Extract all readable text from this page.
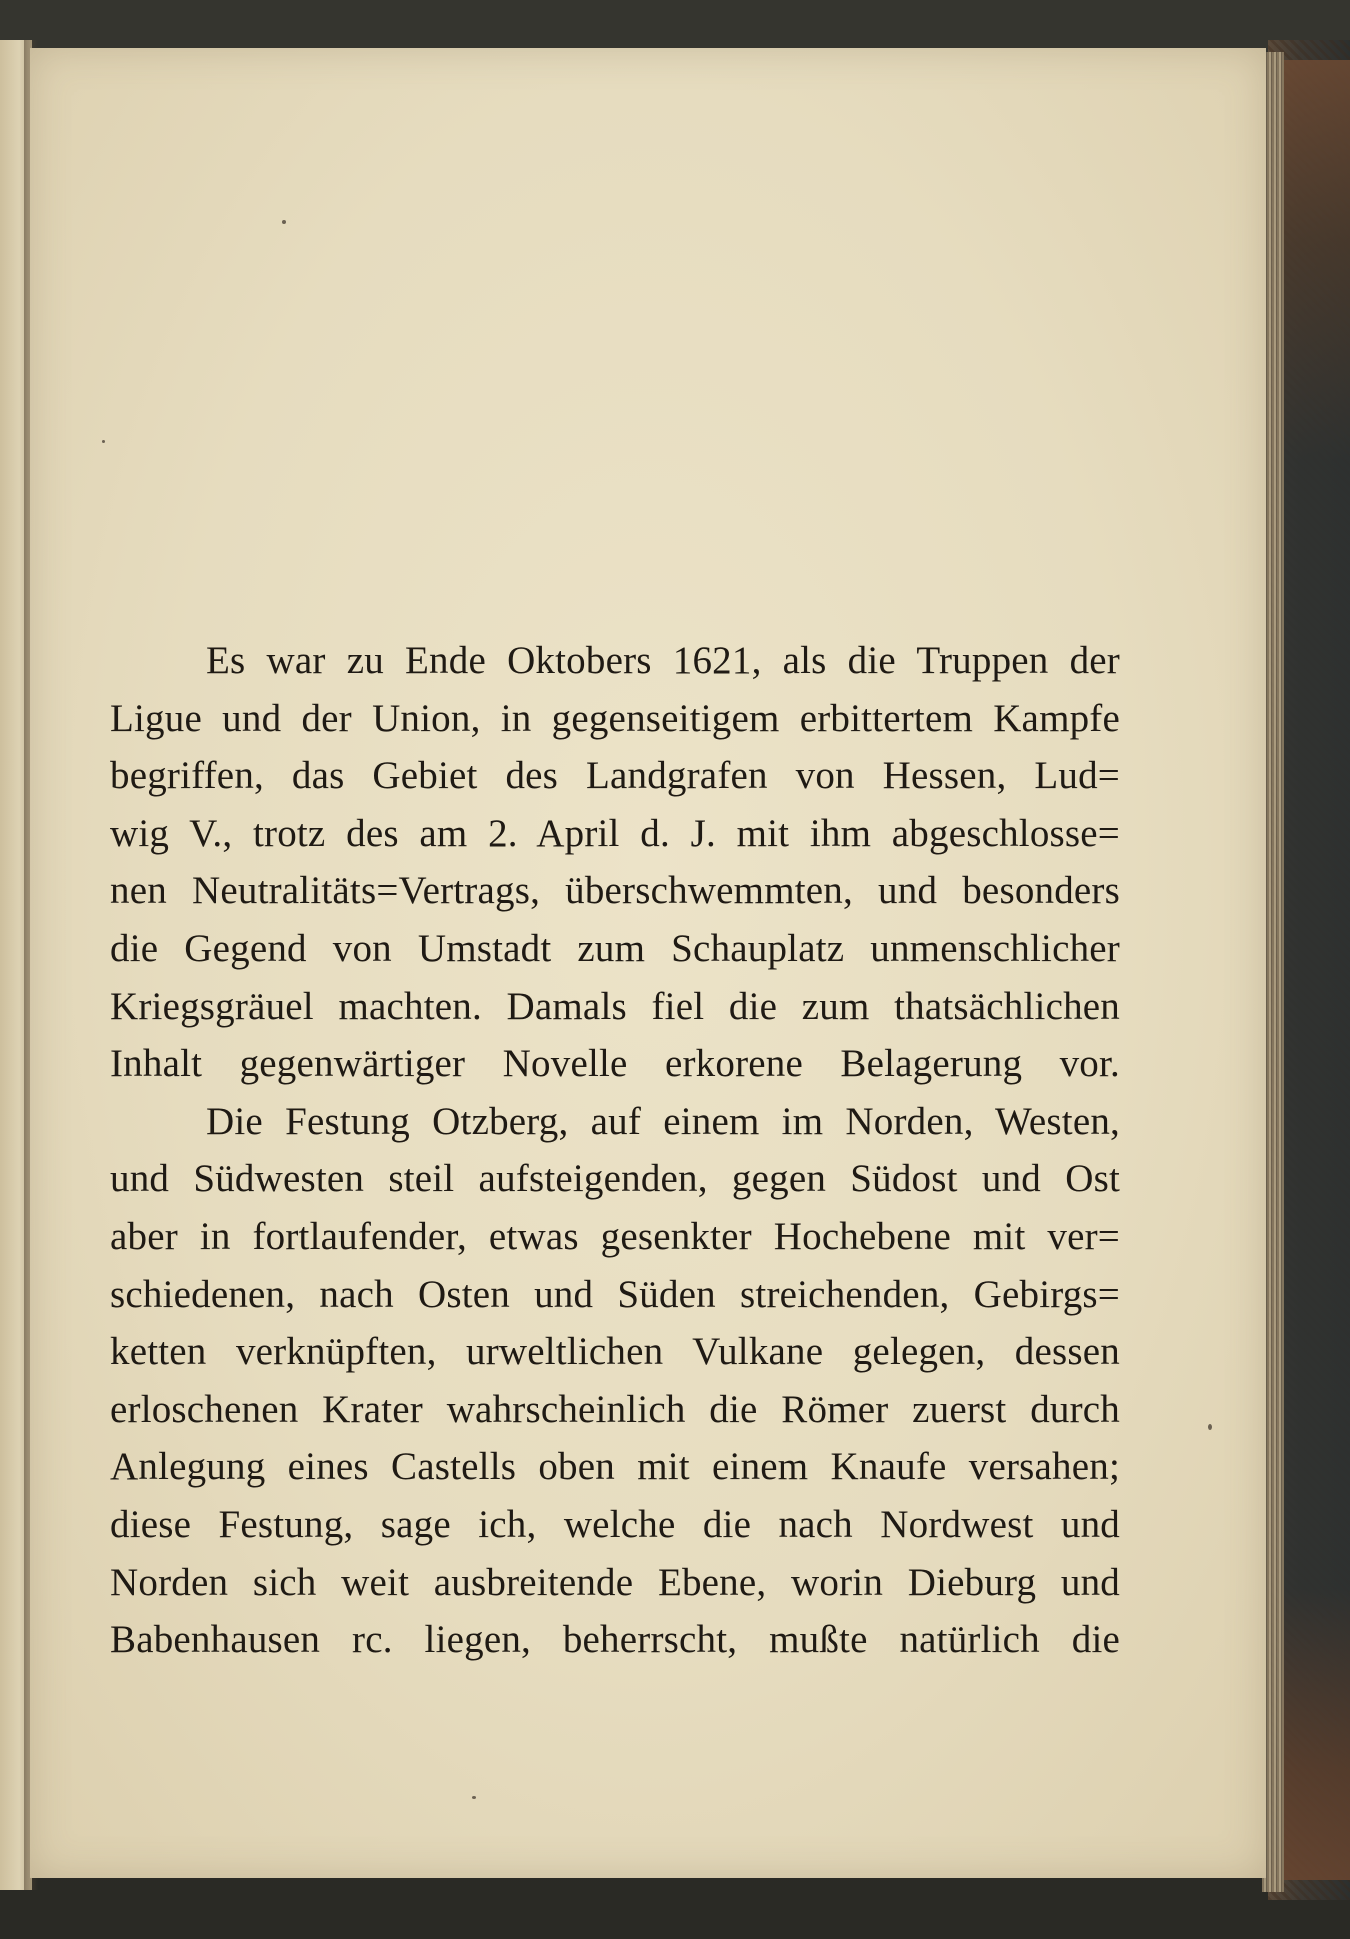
Es war zu Ende Oktobers 1621, als die Truppen der
Ligue und der Union, in gegenseitigem erbittertem Kampfe
begriffen, das Gebiet des Landgrafen von Hessen, Lud=
wig V., trotz des am 2. April d. J. mit ihm abgeschlosse=
nen Neutralitäts=Vertrags, überschwemmten, und besonders
die Gegend von Umstadt zum Schauplatz unmenschlicher
Kriegsgräuel machten. Damals fiel die zum thatsächlichen
Inhalt gegenwärtiger Novelle erkorene Belagerung vor.
Die Festung Otzberg, auf einem im Norden, Westen,
und Südwesten steil aufsteigenden, gegen Südost und Ost
aber in fortlaufender, etwas gesenkter Hochebene mit ver=
schiedenen, nach Osten und Süden streichenden, Gebirgs=
ketten verknüpften, urweltlichen Vulkane gelegen, dessen
erloschenen Krater wahrscheinlich die Römer zuerst durch
Anlegung eines Castells oben mit einem Knaufe versahen;
diese Festung, sage ich, welche die nach Nordwest und
Norden sich weit ausbreitende Ebene, worin Dieburg und
Babenhausen rc. liegen, beherrscht, mußte natürlich die
